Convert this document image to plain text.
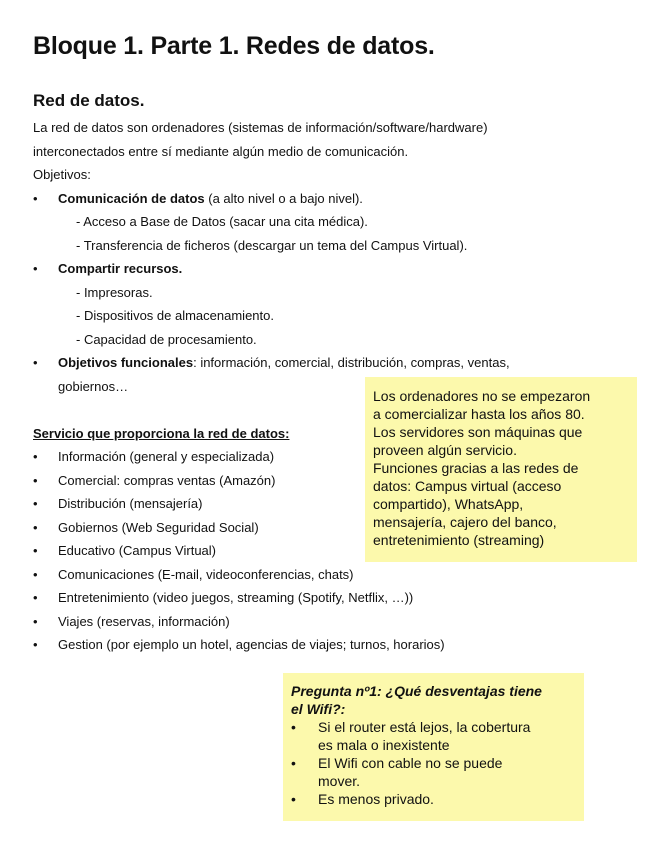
Bloque 1. Parte 1. Redes de datos.
Red de datos.
La red de datos son ordenadores (sistemas de información/software/hardware)
interconectados entre sí mediante algún medio de comunicación.
Objetivos:
• Comunicación de datos (a alto nivel o a bajo nivel).
- Acceso a Base de Datos (sacar una cita médica).
- Transferencia de ficheros (descargar un tema del Campus Virtual).
• Compartir recursos.
- Impresoras.
- Dispositivos de almacenamiento.
- Capacidad de procesamiento.
• Objetivos funcionales: información, comercial, distribución, compras, ventas,
gobiernos…
Servicio que proporciona la red de datos:
• Información (general y especializada)
• Comercial: compras ventas (Amazón)
• Distribución (mensajería)
• Gobiernos (Web Seguridad Social)
• Educativo (Campus Virtual)
• Comunicaciones (E-mail, videoconferencias, chats)
• Entretenimiento (video juegos, streaming (Spotify, Netflix, …))
• Viajes (reservas, información)
• Gestion (por ejemplo un hotel, agencias de viajes; turnos, horarios)
Los ordenadores no se empezaron
a comercializar hasta los años 80.
Los servidores son máquinas que
proveen algún servicio.
Funciones gracias a las redes de
datos: Campus virtual (acceso
compartido), WhatsApp,
mensajería, cajero del banco,
entretenimiento (streaming)
Pregunta nº1: ¿Qué desventajas tiene
el Wifi?:
• Si el router está lejos, la cobertura
es mala o inexistente
• El Wifi con cable no se puede
mover.
• Es menos privado.
